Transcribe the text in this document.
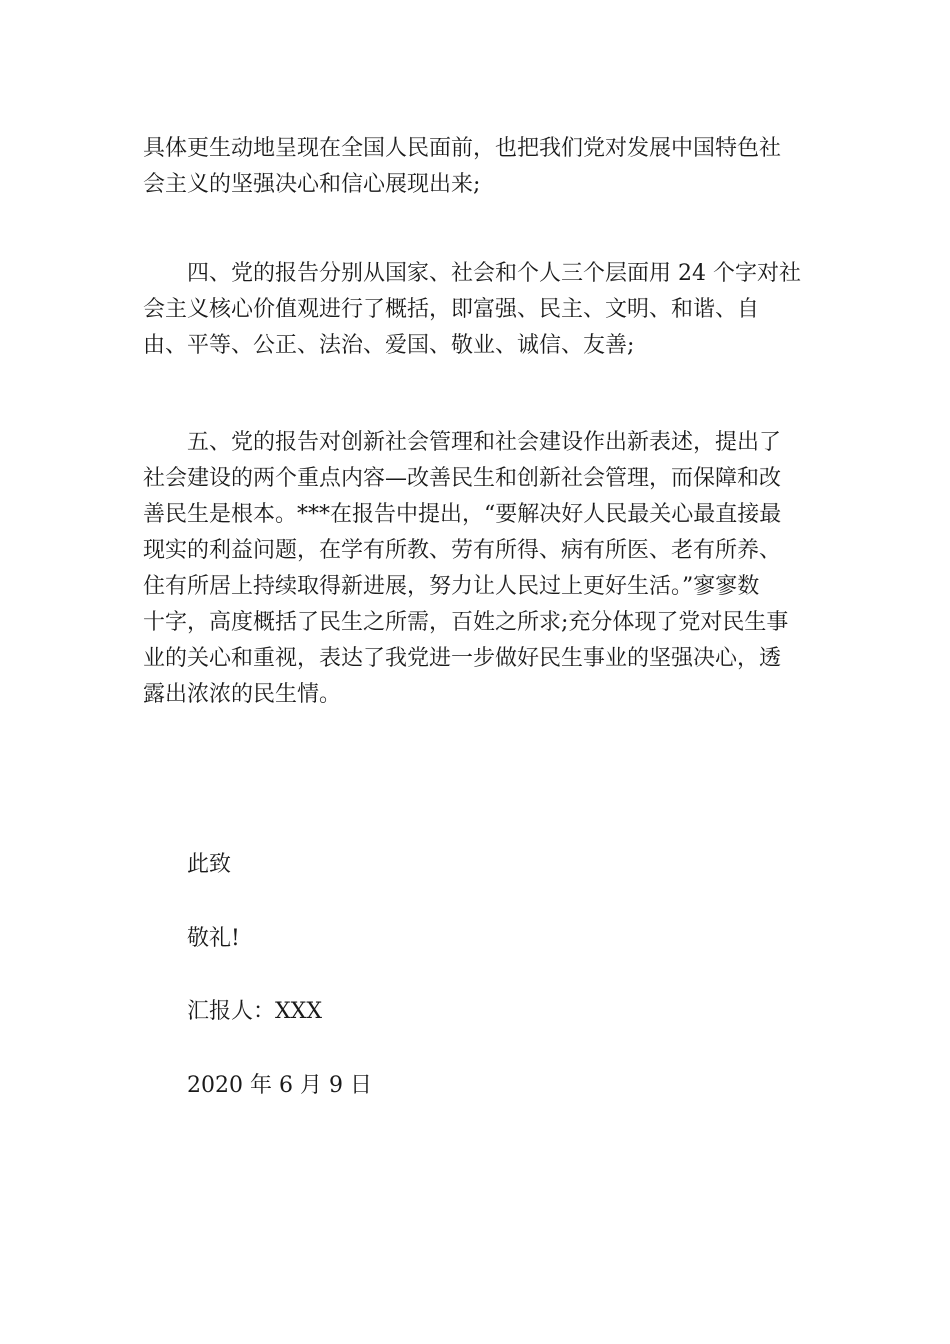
具体更生动地呈现在全国人民面前，也把我们党对发展中国特色社
会主义的坚强决心和信心展现出来;
四、党的报告分别从国家、社会和个人三个层面用 24 个字对社
会主义核心价值观进行了概括，即富强、民主、文明、和谐、自
由、平等、公正、法治、爱国、敬业、诚信、友善;
五、党的报告对创新社会管理和社会建设作出新表述，提出了
社会建设的两个重点内容—改善民生和创新社会管理，而保障和改
善民生是根本。***在报告中提出，“要解决好人民最关心最直接最
现实的利益问题，在学有所教、劳有所得、病有所医、老有所养、
住有所居上持续取得新进展，努力让人民过上更好生活。”寥寥数
十字，高度概括了民生之所需，百姓之所求;充分体现了党对民生事
业的关心和重视，表达了我党进一步做好民生事业的坚强决心，透
露出浓浓的民生情。
此致
敬礼!
汇报人：XXX
2020 年 6 月 9 日
